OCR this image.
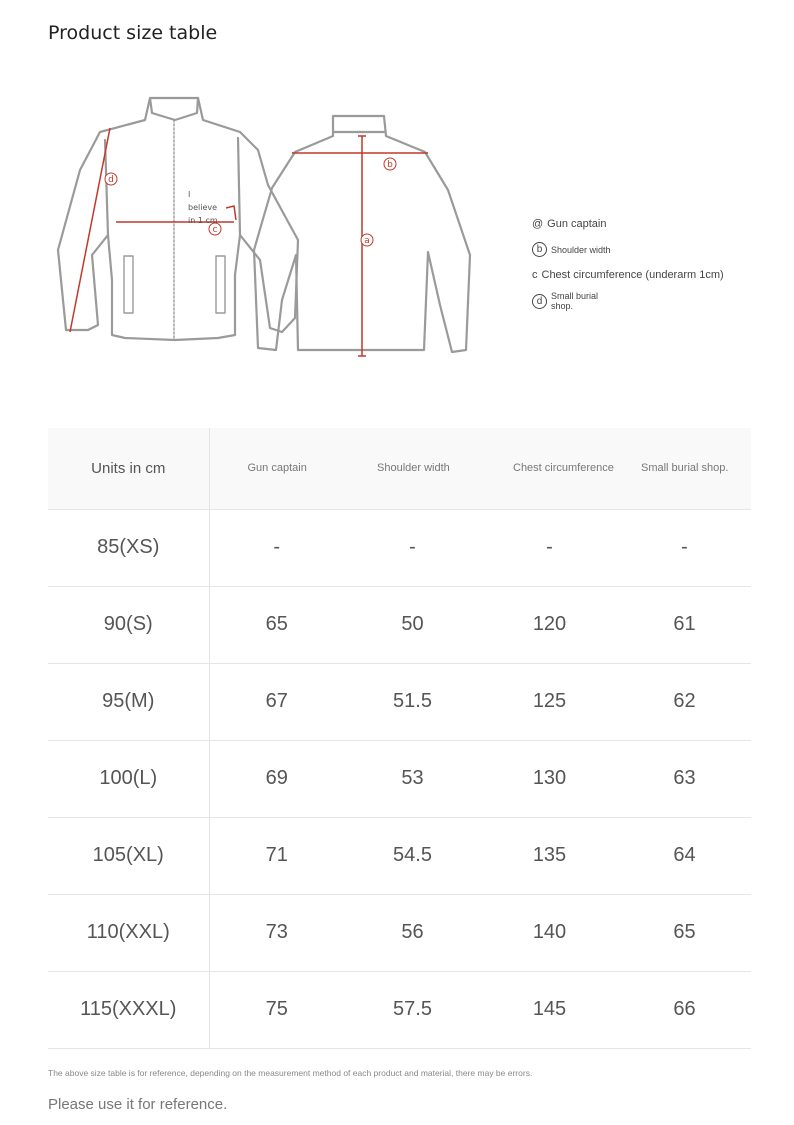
Product size table
d
c
b
a
I
believe
in 1 cm	@ Gun captain
b Shoulder width
c Chest circumference (underarm 1cm)
d Small burial shop.
Units in cm	Gun captain	Shoulder width	Chest circumference	Small burial shop.
85(XS)	-	-	-	-
90(S)	65	50	120	61
95(M)	67	51.5	125	62
100(L)	69	53	130	63
105(XL)	71	54.5	135	64
110(XXL)	73	56	140	65
115(XXXL)	75	57.5	145	66
The above size table is for reference, depending on the measurement method of each product and material, there may be errors.
Please use it for reference.
